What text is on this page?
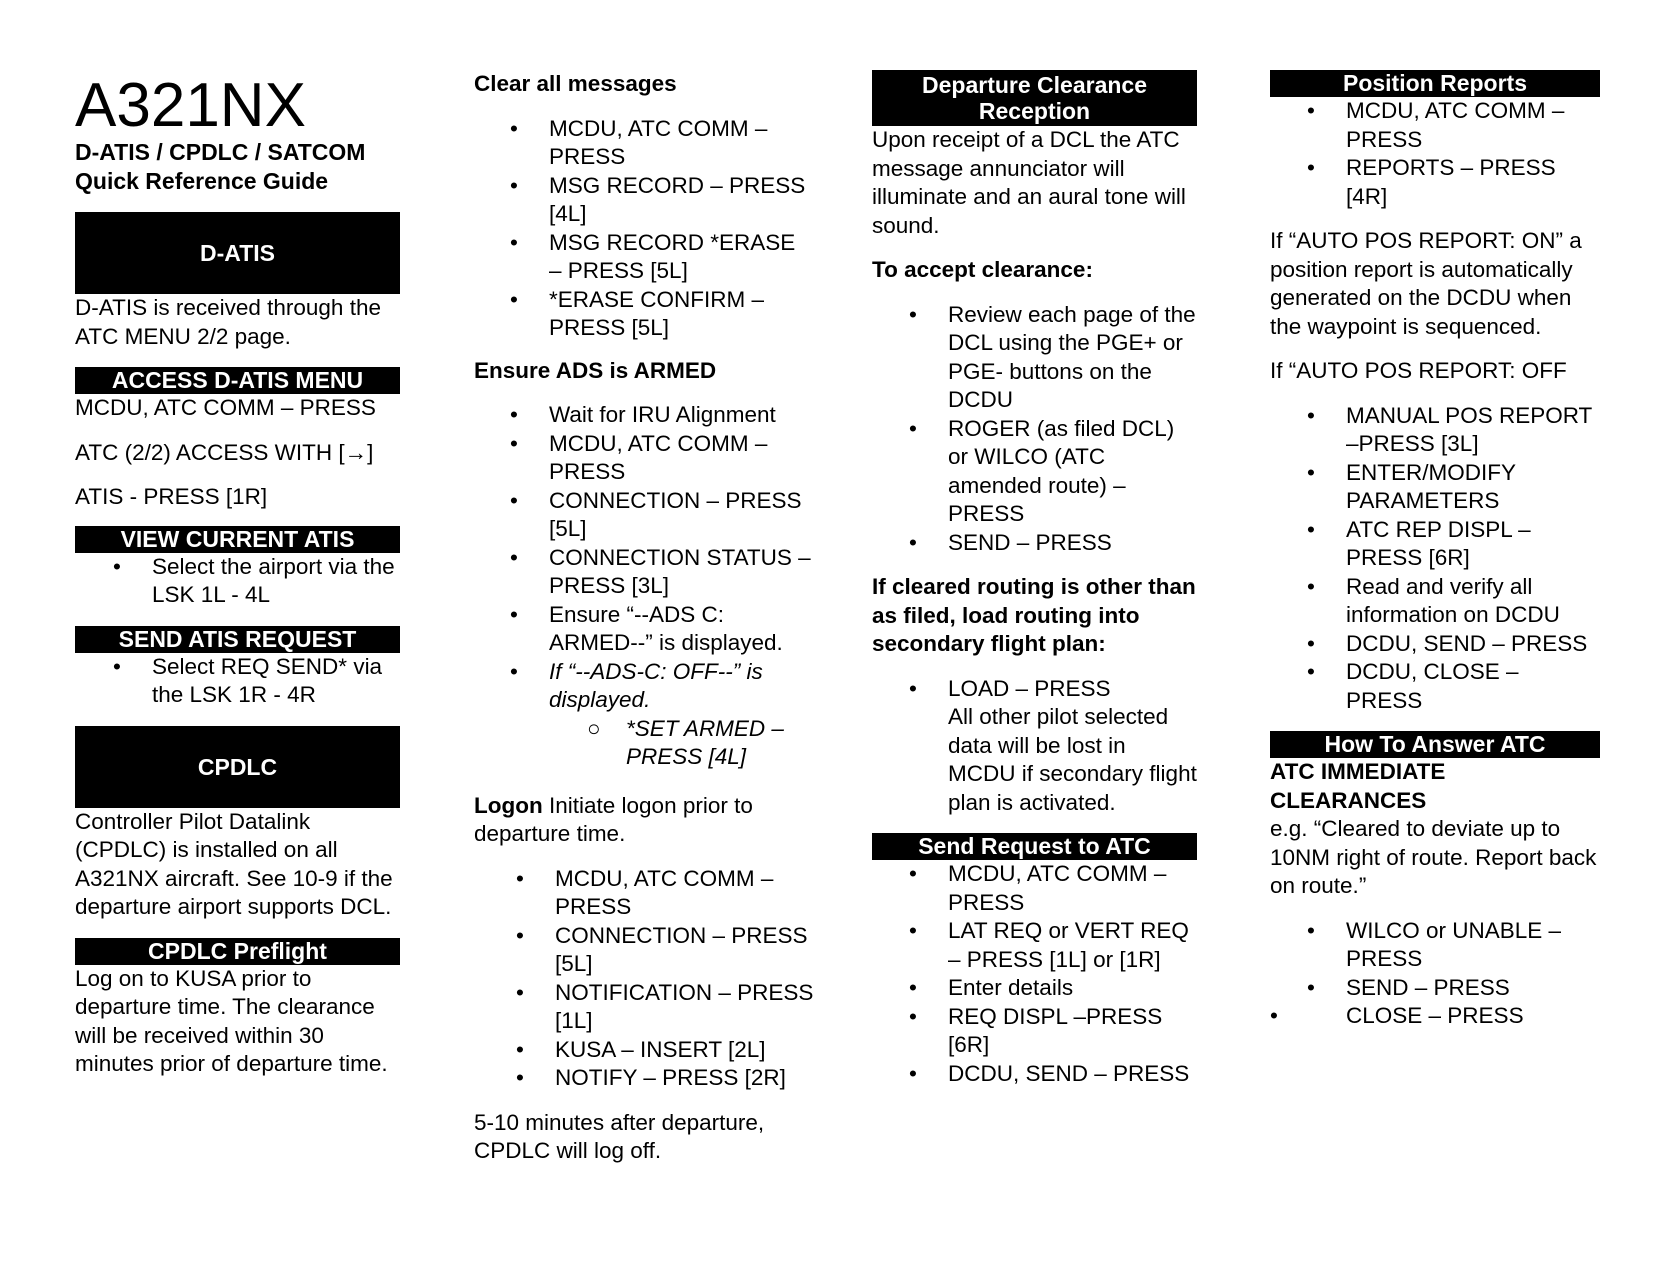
A321NX
D-ATIS / CPDLC / SATCOM
Quick Reference Guide
D-ATIS

D-ATIS is received through the ATC MENU 2/2 page.

ACCESS D-ATIS MENU

MCDU, ATC COMM – PRESS

ATC (2/2) ACCESS WITH [→]

ATIS - PRESS [1R]

VIEW CURRENT ATIS
• Select the airport via the LSK 1L - 4L
SEND ATIS REQUEST
• Select REQ SEND* via the LSK 1R - 4R
CPDLC

Controller Pilot Datalink (CPDLC) is installed on all A321NX aircraft. See 10-9 if the departure airport supports DCL.

CPDLC Preflight

Log on to KUSA prior to departure time. The clearance will be received within 30 minutes prior of departure time.

Clear all messages

• MCDU, ATC COMM – PRESS
• MSG RECORD – PRESS [4L]
• MSG RECORD *ERASE – PRESS [5L]
• *ERASE CONFIRM – PRESS [5L]

Ensure ADS is ARMED

• Wait for IRU Alignment
• MCDU, ATC COMM – PRESS
• CONNECTION – PRESS [5L]
• CONNECTION STATUS – PRESS [3L]
• Ensure “--ADS C: ARMED--” is displayed.
• If “--ADS-C: OFF--” is displayed.
○ *SET ARMED – PRESS [4L]

Logon Initiate logon prior to departure time.

• MCDU, ATC COMM – PRESS
• CONNECTION – PRESS [5L]
• NOTIFICATION – PRESS [1L]
• KUSA – INSERT [2L]
• NOTIFY – PRESS [2R]

5-10 minutes after departure, CPDLC will log off.

Departure Clearance Reception

Upon receipt of a DCL the ATC message annunciator will illuminate and an aural tone will sound.

To accept clearance:

• Review each page of the DCL using the PGE+ or PGE- buttons on the DCDU
• ROGER (as filed DCL) or WILCO (ATC amended route) – PRESS
• SEND – PRESS

If cleared routing is other than as filed, load routing into secondary flight plan:

• LOAD – PRESS
All other pilot selected data will be lost in MCDU if secondary flight plan is activated.
Send Request to ATC
• MCDU, ATC COMM – PRESS
• LAT REQ or VERT REQ – PRESS [1L] or [1R]
• Enter details
• REQ DISPL –PRESS [6R]
• DCDU, SEND – PRESS
Position Reports
• MCDU, ATC COMM – PRESS
• REPORTS – PRESS [4R]

If “AUTO POS REPORT: ON” a position report is automatically generated on the DCDU when the waypoint is sequenced.

If “AUTO POS REPORT: OFF

• MANUAL POS REPORT –PRESS [3L]
• ENTER/MODIFY PARAMETERS
• ATC REP DISPL – PRESS [6R]
• Read and verify all information on DCDU
• DCDU, SEND – PRESS
• DCDU, CLOSE – PRESS
How To Answer ATC

ATC IMMEDIATE CLEARANCES

e.g. “Cleared to deviate up to 10NM right of route. Report back on route.”

• WILCO or UNABLE – PRESS
• SEND – PRESS
•	CLOSE – PRESS
